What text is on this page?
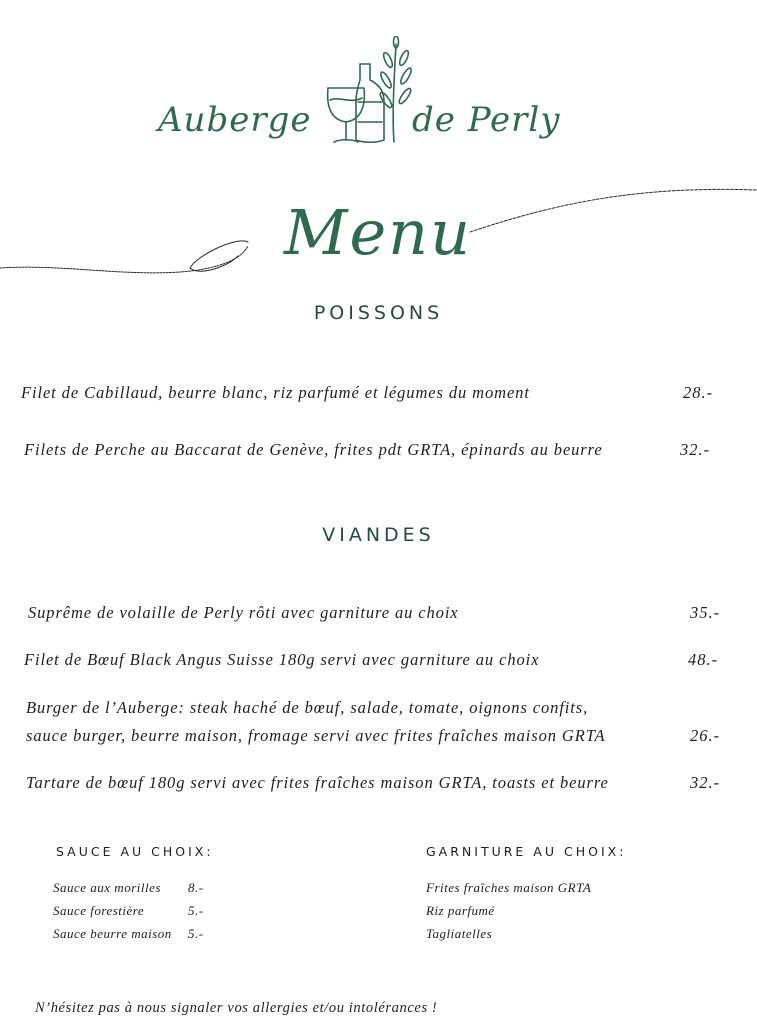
Auberge	de Perly
Menu
POISSONS
Filet de Cabillaud, beurre blanc, riz parfumé et légumes du moment	28.-
Filets de Perche au Baccarat de Genève, frites pdt GRTA, épinards au beurre	32.-
VIANDES
Suprême de volaille de Perly rôti avec garniture au choix	35.-
Filet de Bœuf Black Angus Suisse 180g servi avec garniture au choix	48.-
Burger de l’Auberge: steak haché de bœuf, salade, tomate, oignons confits,
sauce burger, beurre maison, fromage servi avec frites fraîches maison GRTA	26.-
Tartare de bœuf 180g servi avec frites fraîches maison GRTA, toasts et beurre	32.-
SAUCE AU CHOIX:
Sauce aux morilles 8.-
Sauce forestière	5.-
Sauce beurre maison 5.-
GARNITURE AU CHOIX:
Frites fraîches maison GRTA
Riz parfumé
Tagliatelles
N’hésitez pas à nous signaler vos allergies et/ou intolérances !
